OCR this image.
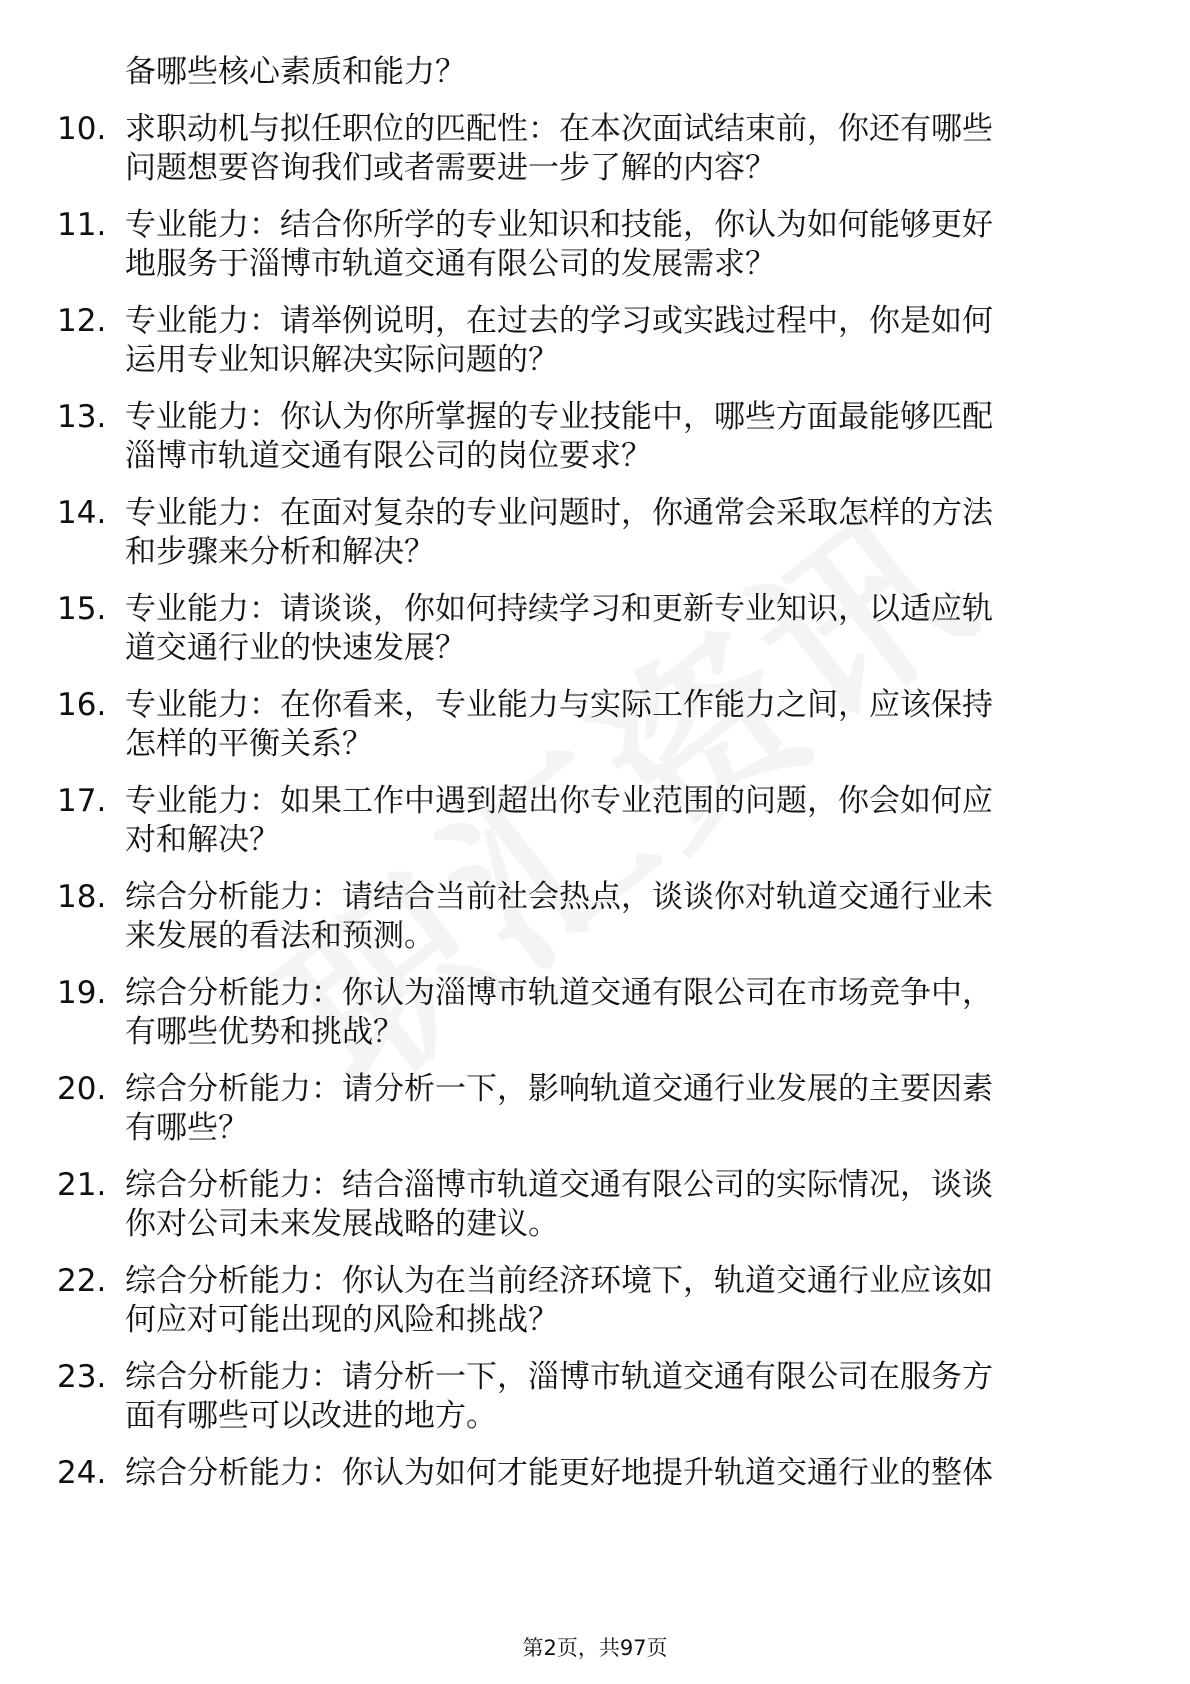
备哪些核心素质和能力？
10. 求职动机与拟任职位的匹配性：在本次面试结束前，你还有哪些
问题想要咨询我们或者需要进一步了解的内容？
11. 专业能力：结合你所学的专业知识和技能，你认为如何能够更好
地服务于淄博市轨道交通有限公司的发展需求？
12. 专业能力：请举例说明，在过去的学习或实践过程中，你是如何
运用专业知识解决实际问题的？
13. 专业能力：你认为你所掌握的专业技能中，哪些方面最能够匹配
淄博市轨道交通有限公司的岗位要求？
14. 专业能力：在面对复杂的专业问题时，你通常会采取怎样的方法
和步骤来分析和解决？
15. 专业能力：请谈谈，你如何持续学习和更新专业知识，以适应轨
道交通行业的快速发展？
16. 专业能力：在你看来，专业能力与实际工作能力之间，应该保持
怎样的平衡关系？
17. 专业能力：如果工作中遇到超出你专业范围的问题，你会如何应
对和解决？
18. 综合分析能力：请结合当前社会热点，谈谈你对轨道交通行业未
来发展的看法和预测。
19. 综合分析能力：你认为淄博市轨道交通有限公司在市场竞争中，
有哪些优势和挑战？
20. 综合分析能力：请分析一下，影响轨道交通行业发展的主要因素
有哪些？
21. 综合分析能力：结合淄博市轨道交通有限公司的实际情况，谈谈
你对公司未来发展战略的建议。
22. 综合分析能力：你认为在当前经济环境下，轨道交通行业应该如
何应对可能出现的风险和挑战？
23. 综合分析能力：请分析一下，淄博市轨道交通有限公司在服务方
面有哪些可以改进的地方。
24. 综合分析能力：你认为如何才能更好地提升轨道交通行业的整体
第2页，共97页
